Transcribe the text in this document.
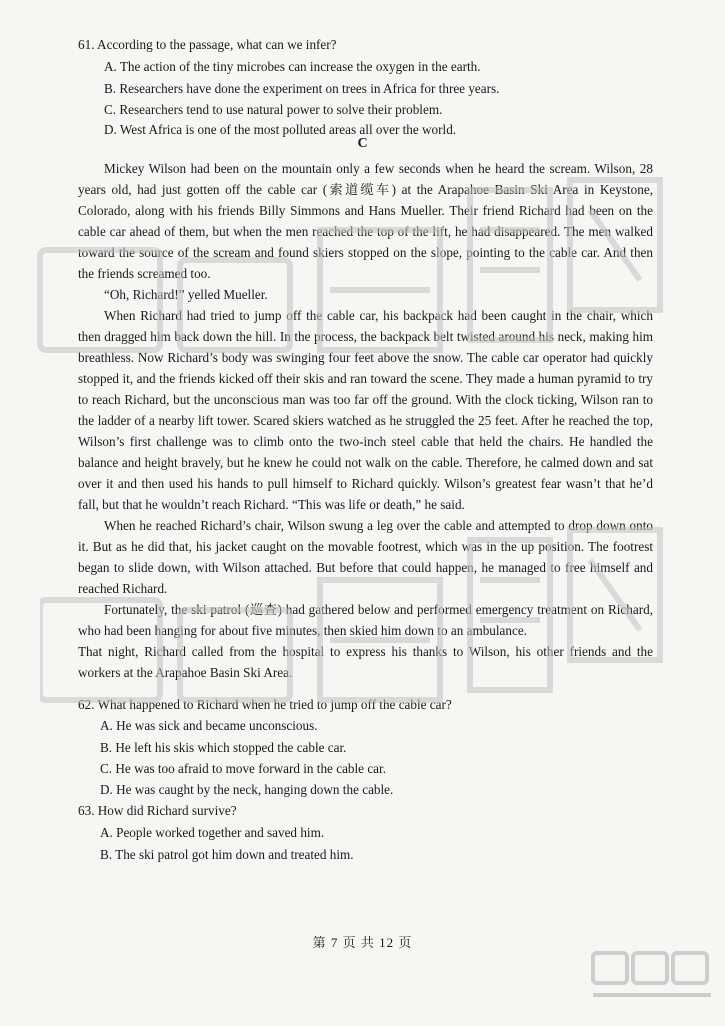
61. According to the passage, what can we infer?
A. The action of the tiny microbes can increase the oxygen in the earth.
B. Researchers have done the experiment on trees in Africa for three years.
C. Researchers tend to use natural power to solve their problem.
D. West Africa is one of the most polluted areas all over the world.
C

Mickey Wilson had been on the mountain only a few seconds when he heard the scream. Wilson, 28 years old, had just gotten off the cable car (索道缆车) at the Arapahoe Basin Ski Area in Keystone, Colorado, along with his friends Billy Simmons and Hans Mueller. Their friend Richard had been on the cable car ahead of them, but when the men reached the top of the lift, he had disappeared. The men walked toward the source of the scream and found skiers stopped on the slope, pointing to the cable car. And then the friends screamed too.

“Oh, Richard!” yelled Mueller.

When Richard had tried to jump off the cable car, his backpack had been caught in the chair, which then dragged him back down the hill. In the process, the backpack belt twisted around his neck, making him breathless. Now Richard’s body was swinging four feet above the snow. The cable car operator had quickly stopped it, and the friends kicked off their skis and ran toward the scene. They made a human pyramid to try to reach Richard, but the unconscious man was too far off the ground. With the clock ticking, Wilson ran to the ladder of a nearby lift tower. Scared skiers watched as he struggled the 25 feet. After he reached the top, Wilson’s first challenge was to climb onto the two-inch steel cable that held the chairs. He handled the balance and height bravely, but he knew he could not walk on the cable. Therefore, he calmed down and sat over it and then used his hands to pull himself to Richard quickly. Wilson’s greatest fear wasn’t that he’d fall, but that he wouldn’t reach Richard. “This was life or death,” he said.

When he reached Richard’s chair, Wilson swung a leg over the cable and attempted to drop down onto it. But as he did that, his jacket caught on the movable footrest, which was in the up position. The footrest began to slide down, with Wilson attached. But before that could happen, he managed to free himself and reached Richard.

Fortunately, the ski patrol (巡查) had gathered below and performed emergency treatment on Richard, who had been hanging for about five minutes, then skied him down to an ambulance.

That night, Richard called from the hospital to express his thanks to Wilson, his other friends and the workers at the Arapahoe Basin Ski Area.

62. What happened to Richard when he tried to jump off the cable car?
A. He was sick and became unconscious.
B. He left his skis which stopped the cable car.
C. He was too afraid to move forward in the cable car.
D. He was caught by the neck, hanging down the cable.
63. How did Richard survive?
A. People worked together and saved him.
B. The ski patrol got him down and treated him.
第 7 页 共 12 页
